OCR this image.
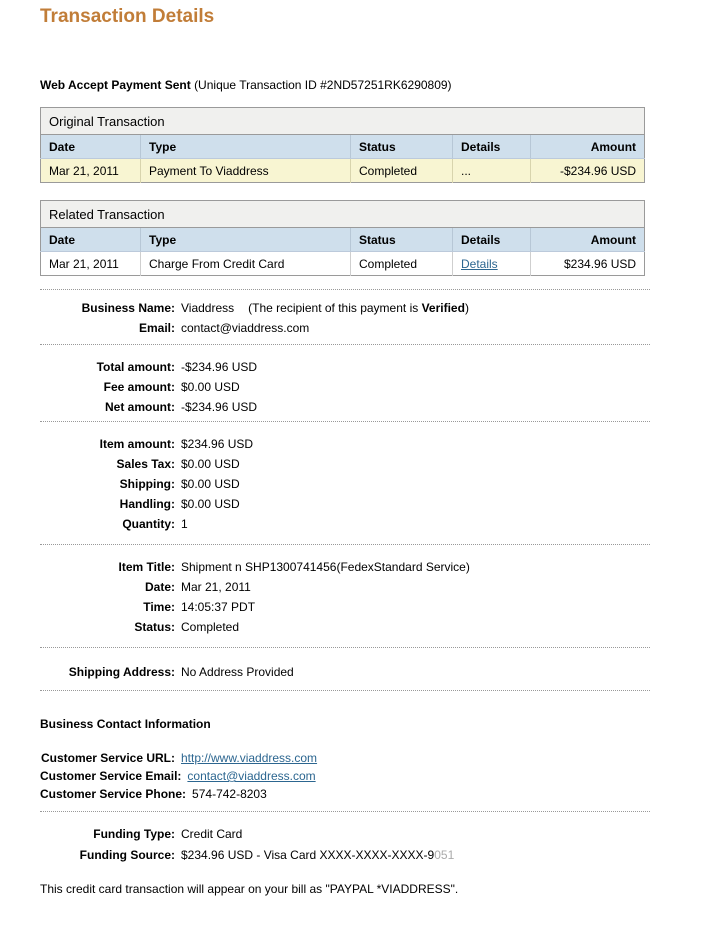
Transaction Details

Web Accept Payment Sent (Unique Transaction ID #2ND57251RK6290809)

Original Transaction				
Date	Type	Status	Details	Amount
Mar 21, 2011	Payment To Viaddress	Completed	...	-$234.96 USD
Related Transaction				
Date	Type	Status	Details	Amount
Mar 21, 2011	Charge From Credit Card	Completed	Details	$234.96 USD
Business Name: Viaddress (The recipient of this payment is Verified)
Email: contact@viaddress.com
Total amount: -$234.96 USD
Fee amount: $0.00 USD
Net amount: -$234.96 USD
Item amount: $234.96 USD
Sales Tax: $0.00 USD
Shipping: $0.00 USD
Handling: $0.00 USD
Quantity: 1
Item Title: Shipment n SHP1300741456(FedexStandard Service)
Date: Mar 21, 2011
Time: 14:05:37 PDT
Status: Completed
Shipping Address: No Address Provided
Business Contact Information
Customer Service URL: http://www.viaddress.com
Customer Service Email: contact@viaddress.com
Customer Service Phone: 574-742-8203
Funding Type: Credit Card
Funding Source: $234.96 USD - Visa Card XXXX-XXXX-XXXX-9051

This credit card transaction will appear on your bill as "PAYPAL *VIADDRESS".
